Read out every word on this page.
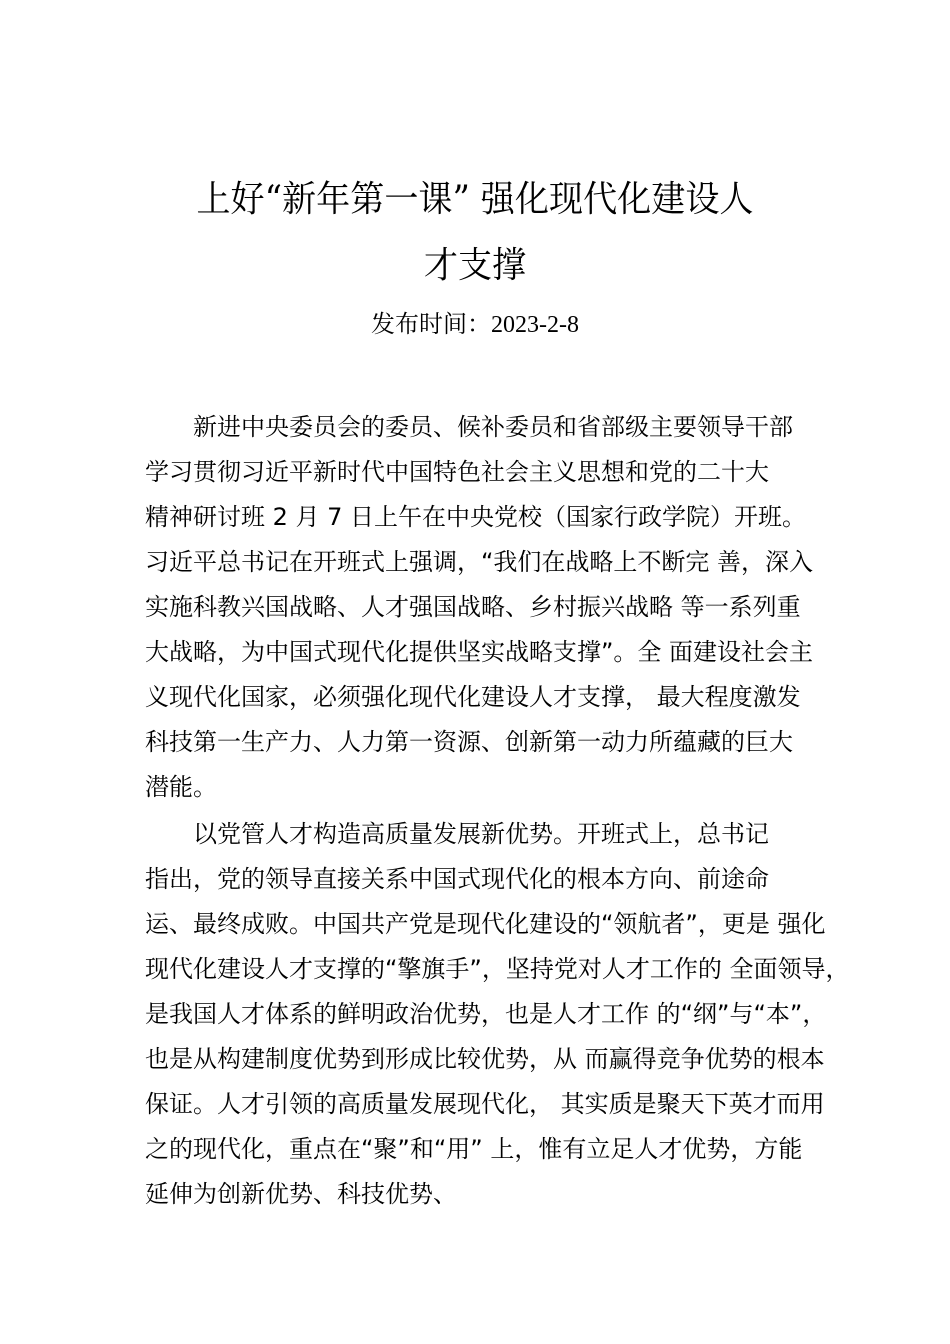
上好“新年第一课” 强化现代化建设人
才支撑
发布时间：2023-2-8
新进中央委员会的委员、候补委员和省部级主要领导干部
学习贯彻习近平新时代中国特色社会主义思想和党的二十大
精神研讨班 2 月 7 日上午在中央党校（国家行政学院）开班。
习近平总书记在开班式上强调，“我们在战略上不断完 善，深入
实施科教兴国战略、人才强国战略、乡村振兴战略 等一系列重
大战略，为中国式现代化提供坚实战略支撑”。全 面建设社会主
义现代化国家，必须强化现代化建设人才支撑， 最大程度激发
科技第一生产力、人力第一资源、创新第一动力所蕴藏的巨大
潜能。
以党管人才构造高质量发展新优势。开班式上，总书记
指出，党的领导直接关系中国式现代化的根本方向、前途命
运、最终成败。中国共产党是现代化建设的“领航者”，更是 强化
现代化建设人才支撑的“擎旗手”，坚持党对人才工作的 全面领导，
是我国人才体系的鲜明政治优势，也是人才工作 的“纲”与“本”，
也是从构建制度优势到形成比较优势，从 而赢得竞争优势的根本
保证。人才引领的高质量发展现代化， 其实质是聚天下英才而用
之的现代化，重点在“聚”和“用” 上，惟有立足人才优势，方能
延伸为创新优势、科技优势、
